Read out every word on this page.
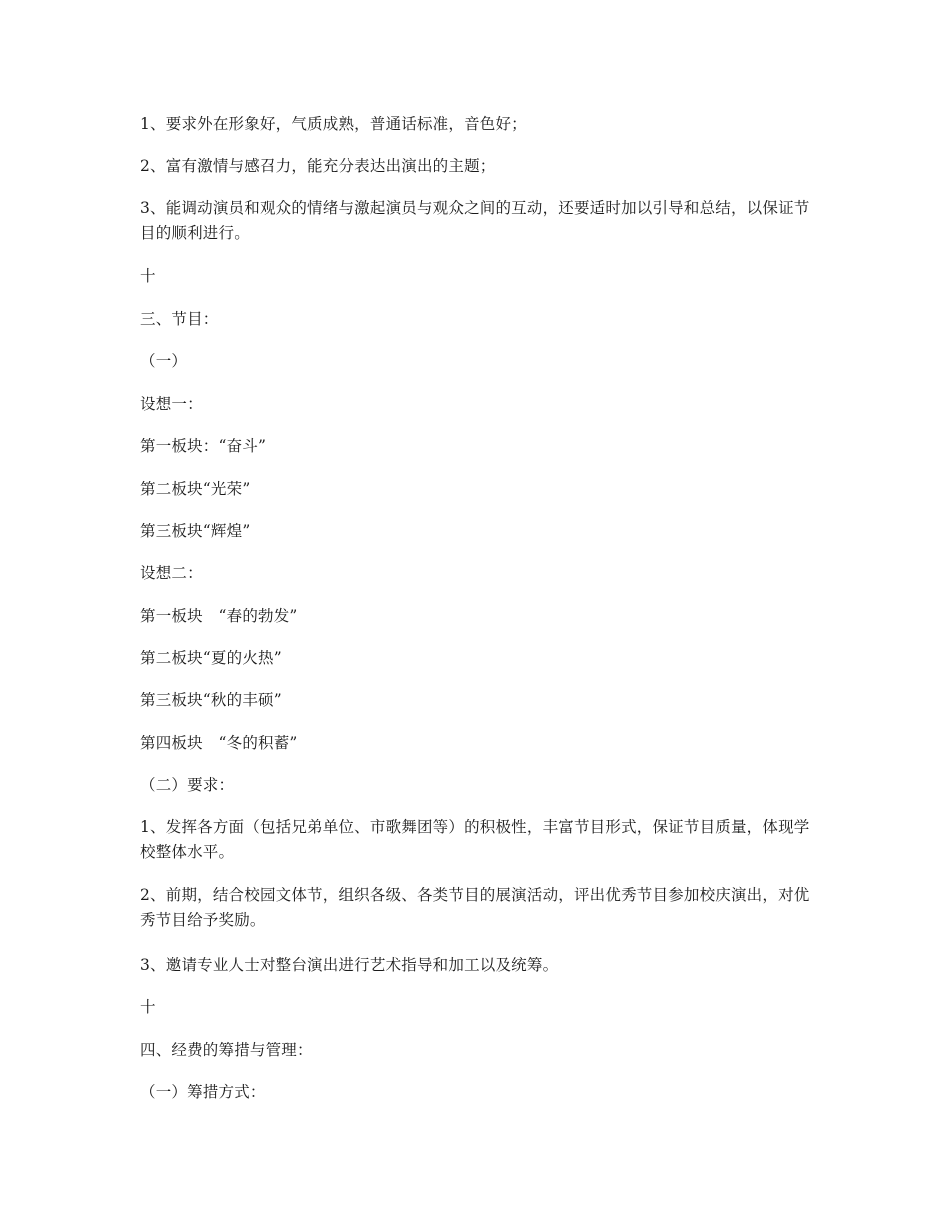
1、要求外在形象好，气质成熟，普通话标准，音色好；

2、富有激情与感召力，能充分表达出演出的主题；

3、能调动演员和观众的情绪与激起演员与观众之间的互动，还要适时加以引导和总结，以保证节目的顺利进行。

十

三、节目：

（一）

设想一：

第一板块：“奋斗”

第二板块“光荣”

第三板块“辉煌”

设想二：

第一板块　“春的勃发”

第二板块“夏的火热”

第三板块“秋的丰硕”

第四板块　“冬的积蓄”

（二）要求：

1、发挥各方面（包括兄弟单位、市歌舞团等）的积极性，丰富节目形式，保证节目质量，体现学校整体水平。

2、前期，结合校园文体节，组织各级、各类节目的展演活动，评出优秀节目参加校庆演出，对优秀节目给予奖励。

3、邀请专业人士对整台演出进行艺术指导和加工以及统筹。

十

四、经费的筹措与管理：

（一）筹措方式：
